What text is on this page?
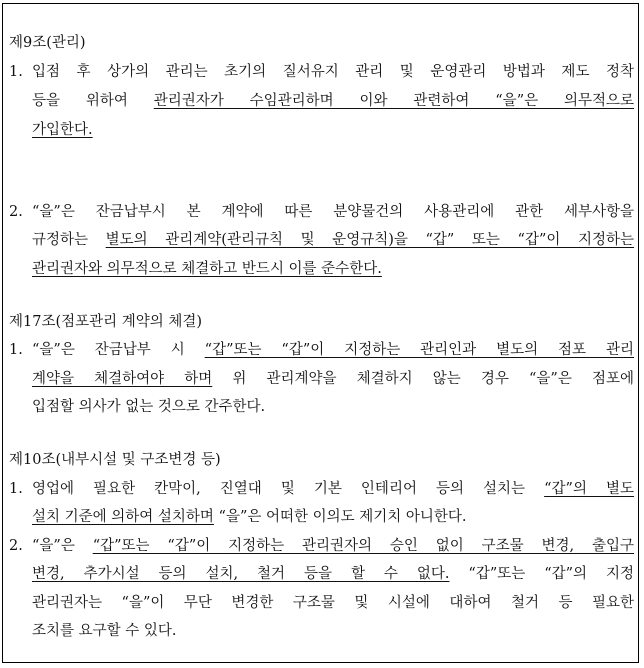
제9조(관리)
1. 입점 후 상가의 관리는 초기의 질서유지 관리 및 운영관리 방법과 제도 정착
등을 위하여 관리권자가 수임관리하며 이와 관련하여 “을”은 의무적으로
가입한다.
2. “을”은 잔금납부시 본 계약에 따른 분양물건의 사용관리에 관한 세부사항을
규정하는 별도의 관리계약(관리규칙 및 운영규칙)을 “갑” 또는 “갑”이 지정하는
관리권자와 의무적으로 체결하고 반드시 이를 준수한다.
제17조(점포관리 계약의 체결)
1. “을”은 잔금납부 시 “갑”또는 “갑”이 지정하는 관리인과 별도의 점포 관리
계약을 체결하여야 하며 위 관리계약을 체결하지 않는 경우 “을”은 점포에
입점할 의사가 없는 것으로 간주한다.
제10조(내부시설 및 구조변경 등)
1. 영업에 필요한 칸막이, 진열대 및 기본 인테리어 등의 설치는 “갑”의 별도
설치 기준에 의하여 설치하며 “을”은 어떠한 이의도 제기치 아니한다.
2. “을”은 “갑”또는 “갑”이 지정하는 관리권자의 승인 없이 구조물 변경, 출입구
변경, 추가시설 등의 설치, 철거 등을 할 수 없다. “갑”또는 “갑”의 지정
관리권자는 “을”이 무단 변경한 구조물 및 시설에 대하여 철거 등 필요한
조치를 요구할 수 있다.
